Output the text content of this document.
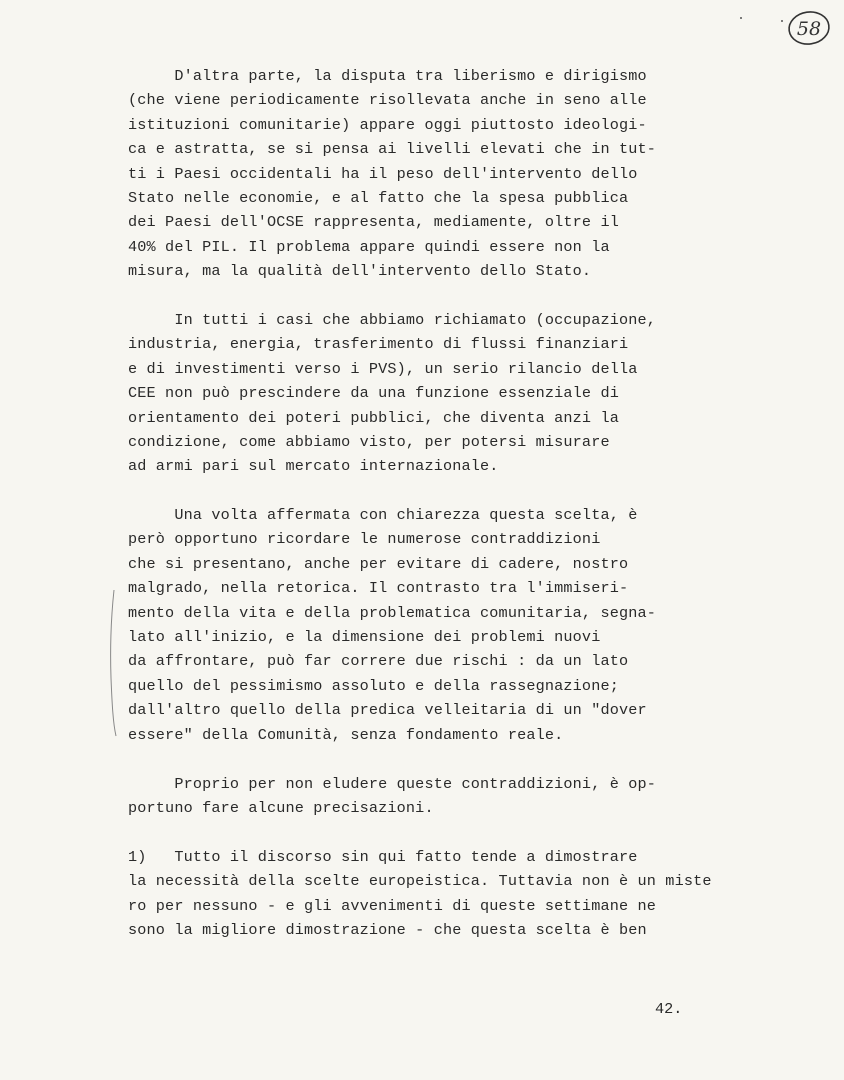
58
D'altra parte, la disputa tra liberismo e dirigismo
(che viene periodicamente risollevata anche in seno alle
istituzioni comunitarie) appare oggi piuttosto ideologi-
ca e astratta, se si pensa ai livelli elevati che in tut-
ti i Paesi occidentali ha il peso dell'intervento dello
Stato nelle economie, e al fatto che la spesa pubblica
dei Paesi dell'OCSE rappresenta, mediamente, oltre il
40% del PIL. Il problema appare quindi essere non la
misura, ma la qualità dell'intervento dello Stato.
In tutti i casi che abbiamo richiamato (occupazione,
industria, energia, trasferimento di flussi finanziari
e di investimenti verso i PVS), un serio rilancio della
CEE non può prescindere da una funzione essenziale di
orientamento dei poteri pubblici, che diventa anzi la
condizione, come abbiamo visto, per potersi misurare
ad armi pari sul mercato internazionale.
Una volta affermata con chiarezza questa scelta, è
però opportuno ricordare le numerose contraddizioni
che si presentano, anche per evitare di cadere, nostro
malgrado, nella retorica. Il contrasto tra l'immiseri-
mento della vita e della problematica comunitaria, segna-
lato all'inizio, e la dimensione dei problemi nuovi
da affrontare, può far correre due rischi : da un lato
quello del pessimismo assoluto e della rassegnazione;
dall'altro quello della predica velleitaria di un "dover
essere" della Comunità, senza fondamento reale.
Proprio per non eludere queste contraddizioni, è op-
portuno fare alcune precisazioni.
1)   Tutto il discorso sin qui fatto tende a dimostrare
la necessità della scelte europeistica. Tuttavia non è un miste
ro per nessuno - e gli avvenimenti di queste settimane ne
sono la migliore dimostrazione - che questa scelta è ben
42.
